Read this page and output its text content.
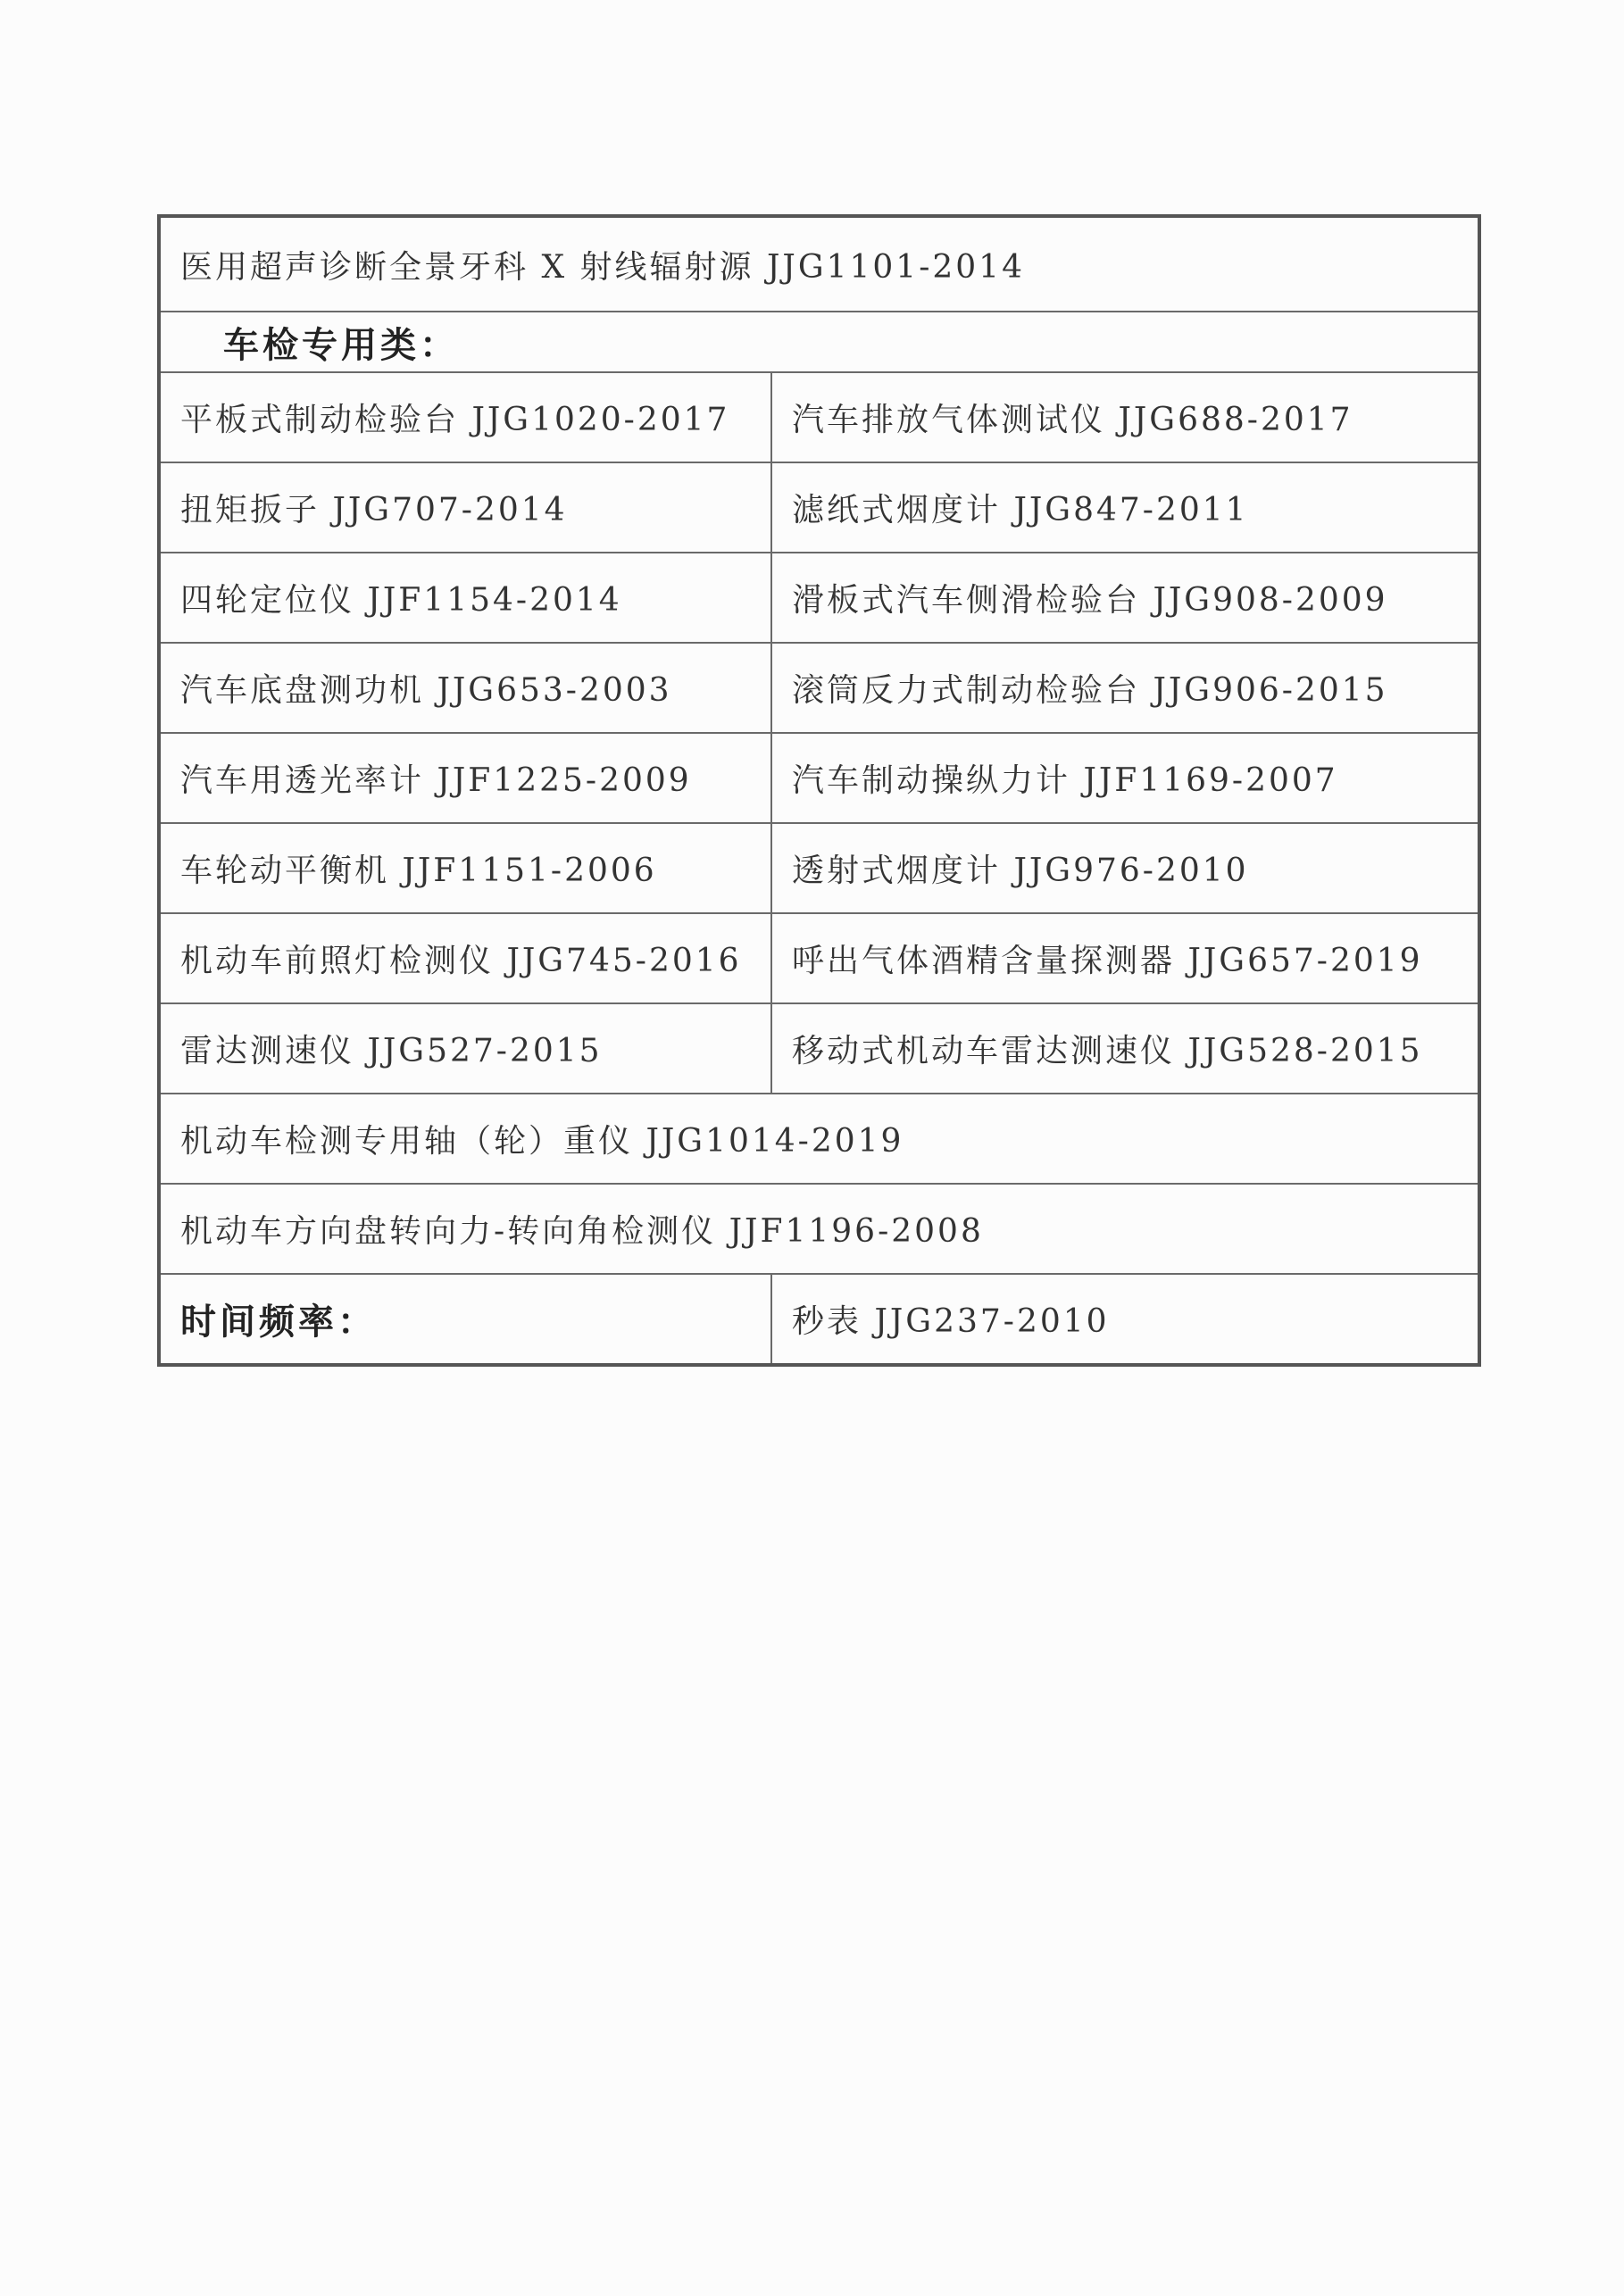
医用超声诊断全景牙科 X 射线辐射源 JJG1101-2014	
车检专用类：	
平板式制动检验台 JJG1020-2017	汽车排放气体测试仪 JJG688-2017
扭矩扳子 JJG707-2014	滤纸式烟度计 JJG847-2011
四轮定位仪 JJF1154-2014	滑板式汽车侧滑检验台 JJG908-2009
汽车底盘测功机 JJG653-2003	滚筒反力式制动检验台 JJG906-2015
汽车用透光率计 JJF1225-2009	汽车制动操纵力计 JJF1169-2007
车轮动平衡机 JJF1151-2006	透射式烟度计 JJG976-2010
机动车前照灯检测仪 JJG745-2016	呼出气体酒精含量探测器 JJG657-2019
雷达测速仪 JJG527-2015	移动式机动车雷达测速仪 JJG528-2015
机动车检测专用轴（轮）重仪 JJG1014-2019	
机动车方向盘转向力-转向角检测仪 JJF1196-2008	
时间频率：	秒表 JJG237-2010
